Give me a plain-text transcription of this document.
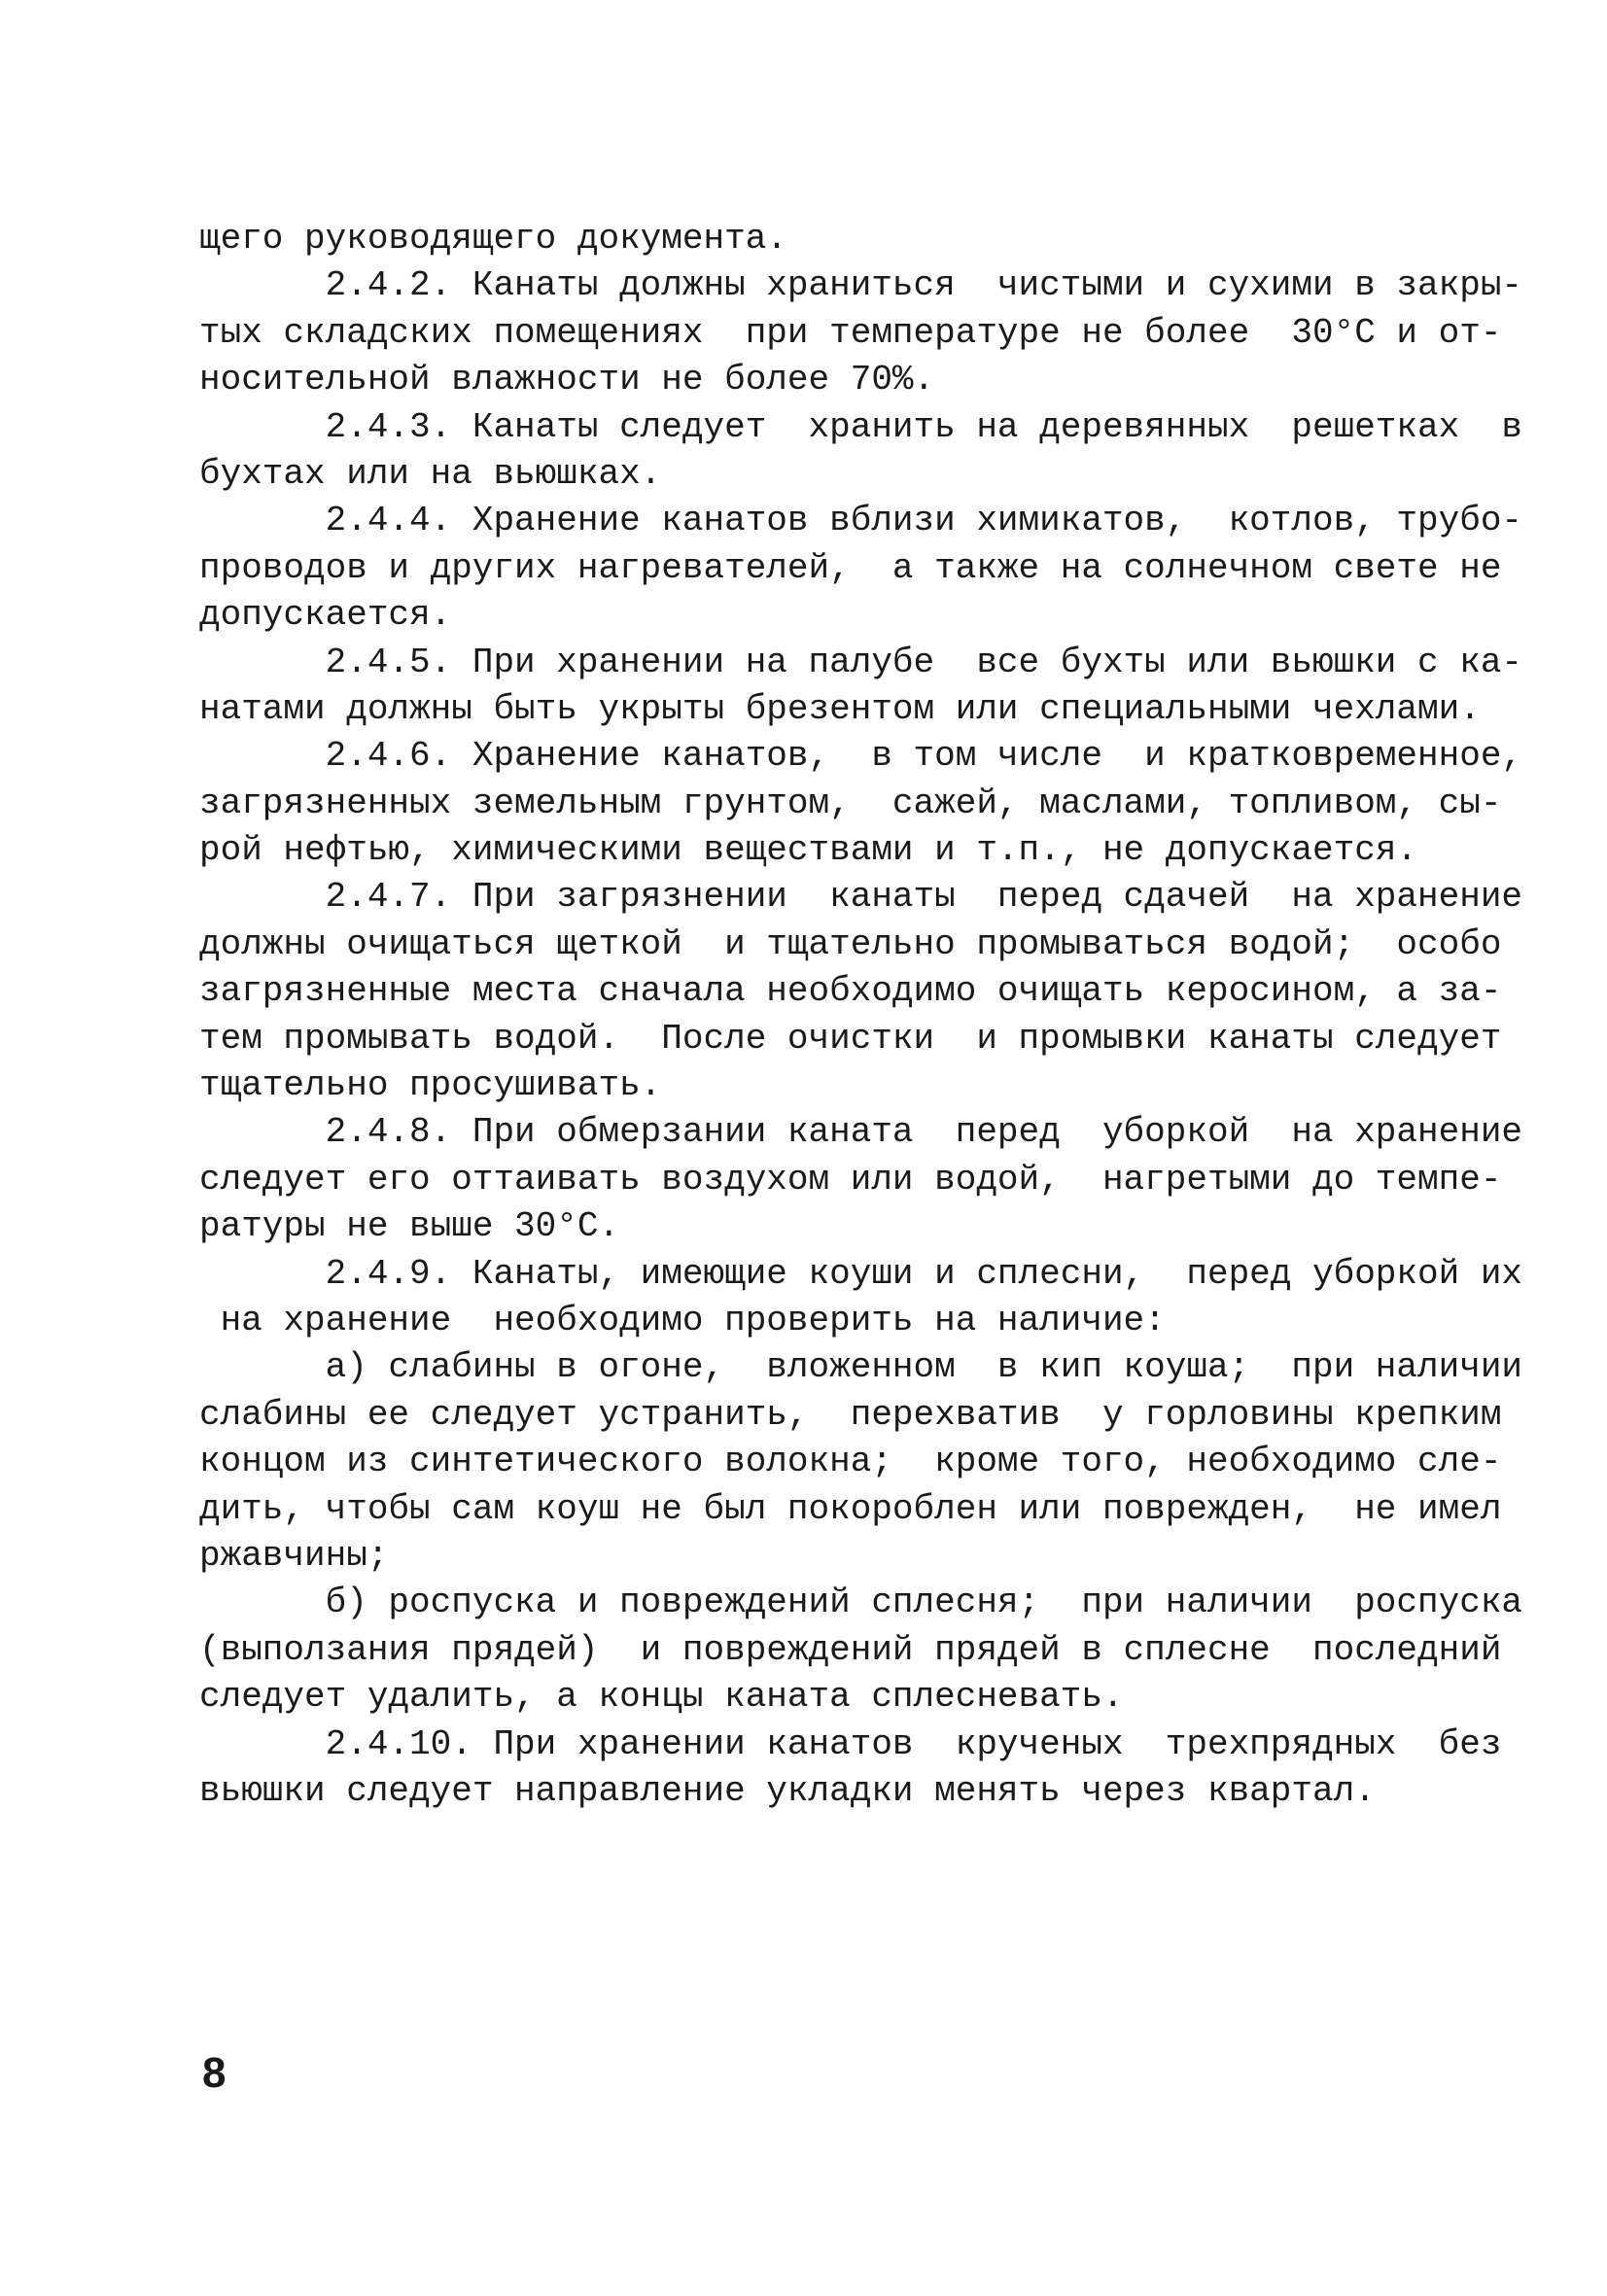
щего руководящего документа.
2.4.2. Канаты должны храниться  чистыми и сухими в закры-
тых складских помещениях  при температуре не более  30°С и от-
носительной влажности не более 70%.
2.4.3. Канаты следует  хранить на деревянных  решетках  в
бухтах или на вьюшках.
2.4.4. Хранение канатов вблизи химикатов,  котлов, трубо-
проводов и других нагревателей,  а также на солнечном свете не
допускается.
2.4.5. При хранении на палубе  все бухты или вьюшки с ка-
натами должны быть укрыты брезентом или специальными чехлами.
2.4.6. Хранение канатов,  в том числе  и кратковременное,
загрязненных земельным грунтом,  сажей, маслами, топливом, сы-
рой нефтью, химическими веществами и т.п., не допускается.
2.4.7. При загрязнении  канаты  перед сдачей  на хранение
должны очищаться щеткой  и тщательно промываться водой;  особо
загрязненные места сначала необходимо очищать керосином, а за-
тем промывать водой.  После очистки  и промывки канаты следует
тщательно просушивать.
2.4.8. При обмерзании каната  перед  уборкой  на хранение
следует его оттаивать воздухом или водой,  нагретыми до темпе-
ратуры не выше 30°С.
2.4.9. Канаты, имеющие коуши и сплесни,  перед уборкой их
на хранение  необходимо проверить на наличие:
а) слабины в огоне,  вложенном  в кип коуша;  при наличии
слабины ее следует устранить,  перехватив  у горловины крепким
концом из синтетического волокна;  кроме того, необходимо сле-
дить, чтобы сам коуш не был покороблен или поврежден,  не имел
ржавчины;
б) роспуска и повреждений сплесня;  при наличии  роспуска
(выползания прядей)  и повреждений прядей в сплесне  последний
следует удалить, а концы каната сплесневать.
2.4.10. При хранении канатов  крученых  трехпрядных  без
вьюшки следует направление укладки менять через квартал.
8
